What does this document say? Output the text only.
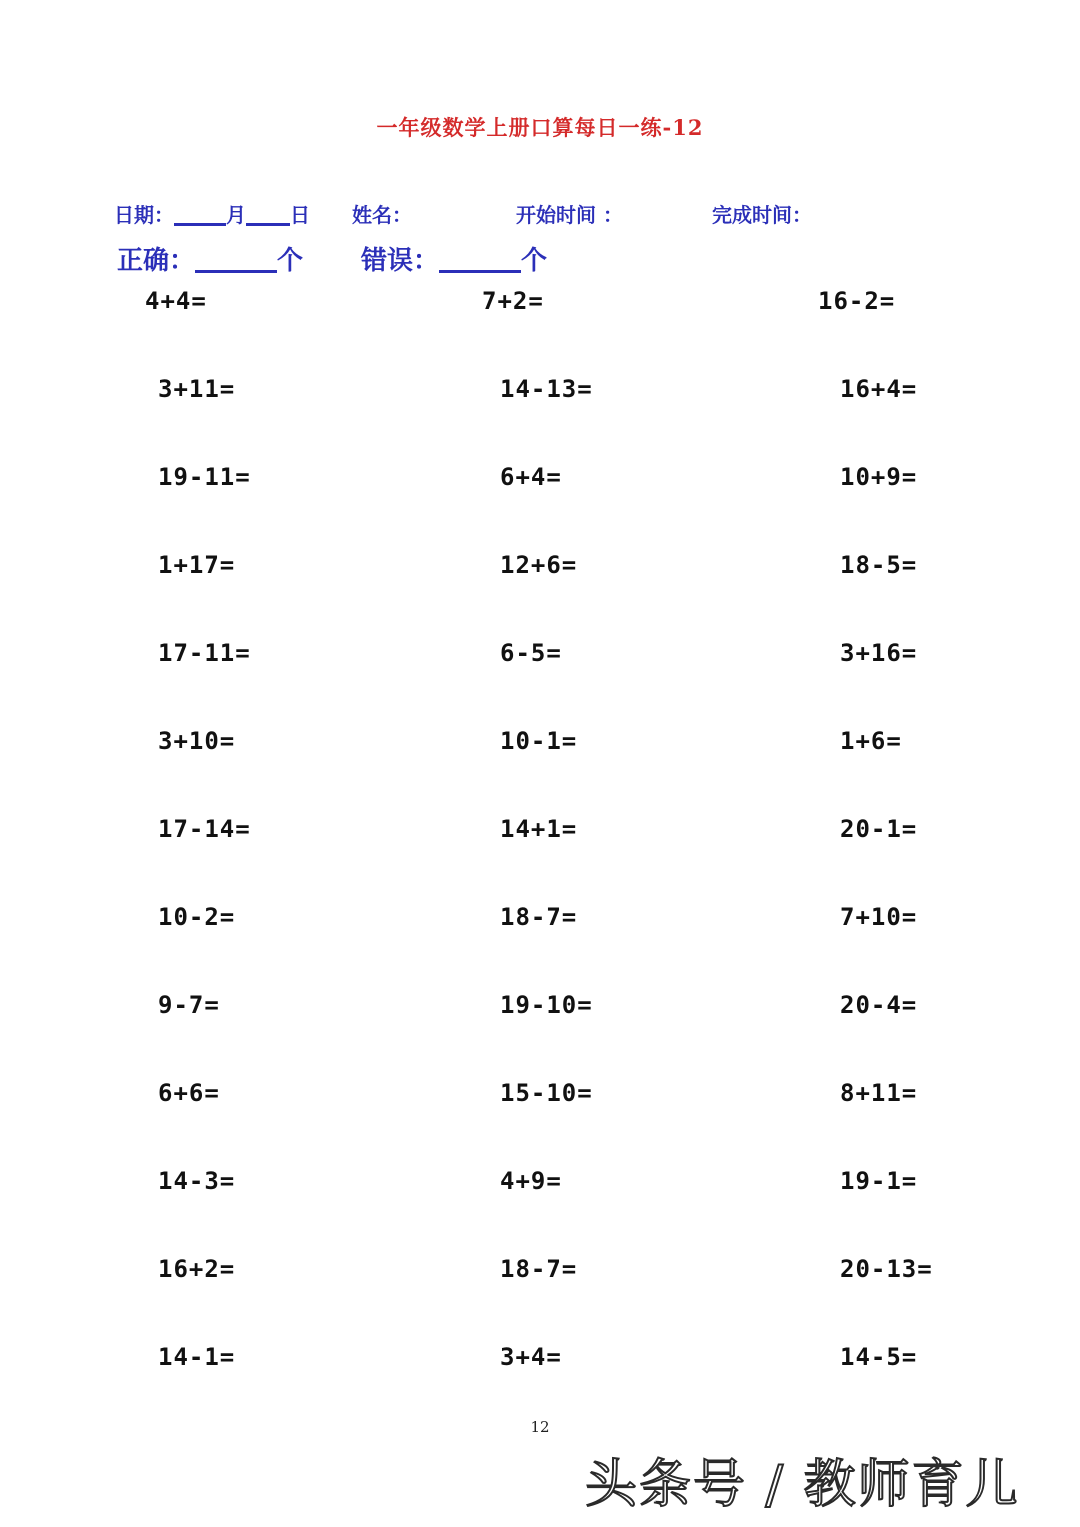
一年级数学上册口算每日一练-12
日期：	月 日 姓名：	开始时间 ：	完成时间：
正确：	个 错误：	个
4+4=	7+2=	16-2=
3+11=	14-13=	16+4=
19-11=	6+4=	10+9=
1+17=	12+6=	18-5=
17-11=	6-5=	3+16=
3+10=	10-1=	1+6=
17-14=	14+1=	20-1=
10-2=	18-7=	7+10=
9-7=	19-10=	20-4=
6+6=	15-10=	8+11=
14-3=	4+9=	19-1=
16+2=	18-7=	20-13=
14-1=	3+4=	14-5=
12
头条号 / 教师育儿
